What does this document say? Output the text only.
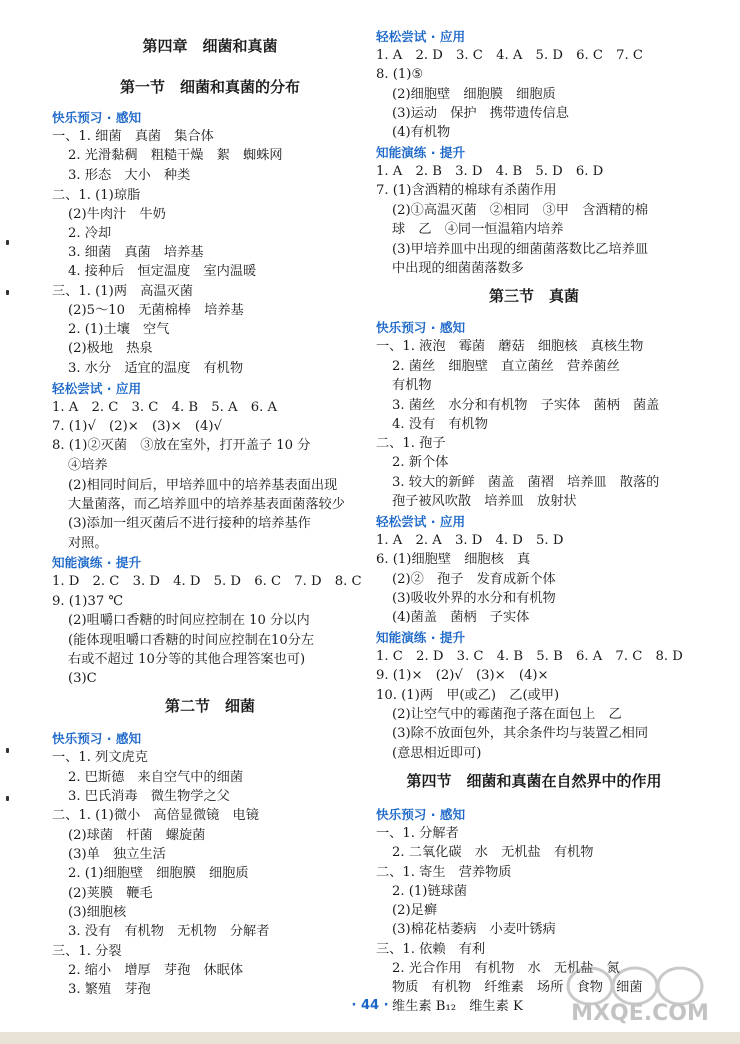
第四章　细菌和真菌
第一节　细菌和真菌的分布
快乐预习 · 感知
一、1. 细菌　真菌　集合体
2. 光滑黏稠　粗糙干燥　絮　蜘蛛网
3. 形态　大小　种类
二、1. (1)琼脂
(2)牛肉汁　牛奶
2. 冷却
3. 细菌　真菌　培养基
4. 接种后　恒定温度　室内温暖
三、1. (1)两　高温灭菌
(2)5～10　无菌棉棒　培养基
2. (1)土壤　空气
(2)极地　热泉
3. 水分　适宜的温度　有机物
轻松尝试 · 应用
1. A　2. C　3. C　4. B　5. A　6. A
7. (1)√　(2)×　(3)×　(4)√
8. (1)②灭菌　③放在室外，打开盖子 10 分
④培养
(2)相同时间后，甲培养皿中的培养基表面出现
大量菌落，而乙培养皿中的培养基表面菌落较少
(3)添加一组灭菌后不进行接种的培养基作
对照。
知能演练 · 提升
1. D　2. C　3. D　4. D　5. D　6. C　7. D　8. C
9. (1)37 ℃
(2)咀嚼口香糖的时间应控制在 10 分以内
(能体现咀嚼口香糖的时间应控制在10分左
右或不超过 10分等的其他合理答案也可)
(3)C
第二节　细菌
快乐预习 · 感知
一、1. 列文虎克
2. 巴斯德　来自空气中的细菌
3. 巴氏消毒　微生物学之父
二、1. (1)微小　高倍显微镜　电镜
(2)球菌　杆菌　螺旋菌
(3)单　独立生活
2. (1)细胞壁　细胞膜　细胞质
(2)荚膜　鞭毛
(3)细胞核
3. 没有　有机物　无机物　分解者
三、1. 分裂
2. 缩小　增厚　芽孢　休眠体
3. 繁殖　芽孢
轻松尝试 · 应用
1. A　2. D　3. C　4. A　5. D　6. C　7. C
8. (1)⑤
(2)细胞壁　细胞膜　细胞质
(3)运动　保护　携带遗传信息
(4)有机物
知能演练 · 提升
1. A　2. B　3. D　4. B　5. D　6. D
7. (1)含酒精的棉球有杀菌作用
(2)①高温灭菌　②相同　③甲　含酒精的棉
球　乙　④同一恒温箱内培养
(3)甲培养皿中出现的细菌菌落数比乙培养皿
中出现的细菌菌落数多
第三节　真菌
快乐预习 · 感知
一、1. 液泡　霉菌　蘑菇　细胞核　真核生物
2. 菌丝　细胞壁　直立菌丝　营养菌丝
有机物
3. 菌丝　水分和有机物　子实体　菌柄　菌盖
4. 没有　有机物
二、1. 孢子
2. 新个体
3. 较大的新鲜　菌盖　菌褶　培养皿　散落的
孢子被风吹散　培养皿　放射状
轻松尝试 · 应用
1. A　2. A　3. D　4. D　5. D
6. (1)细胞壁　细胞核　真
(2)②　孢子　发育成新个体
(3)吸收外界的水分和有机物
(4)菌盖　菌柄　子实体
知能演练 · 提升
1. C　2. D　3. C　4. B　5. B　6. A　7. C　8. D
9. (1)×　(2)√　(3)×　(4)×
10. (1)两　甲(或乙)　乙(或甲)
(2)让空气中的霉菌孢子落在面包上　乙
(3)除不放面包外，其余条件均与装置乙相同
(意思相近即可)
第四节　细菌和真菌在自然界中的作用
快乐预习 · 感知
一、1. 分解者
2. 二氧化碳　水　无机盐　有机物
二、1. 寄生　营养物质
2. (1)链球菌
(2)足癣
(3)棉花枯萎病　小麦叶锈病
三、1. 依赖　有利
2. 光合作用　有机物　水　无机盐　氮
物质　有机物　纤维素　场所　食物　细菌
维生素 B₁₂　维生素 K
· 44 ·	MXQE.COM
